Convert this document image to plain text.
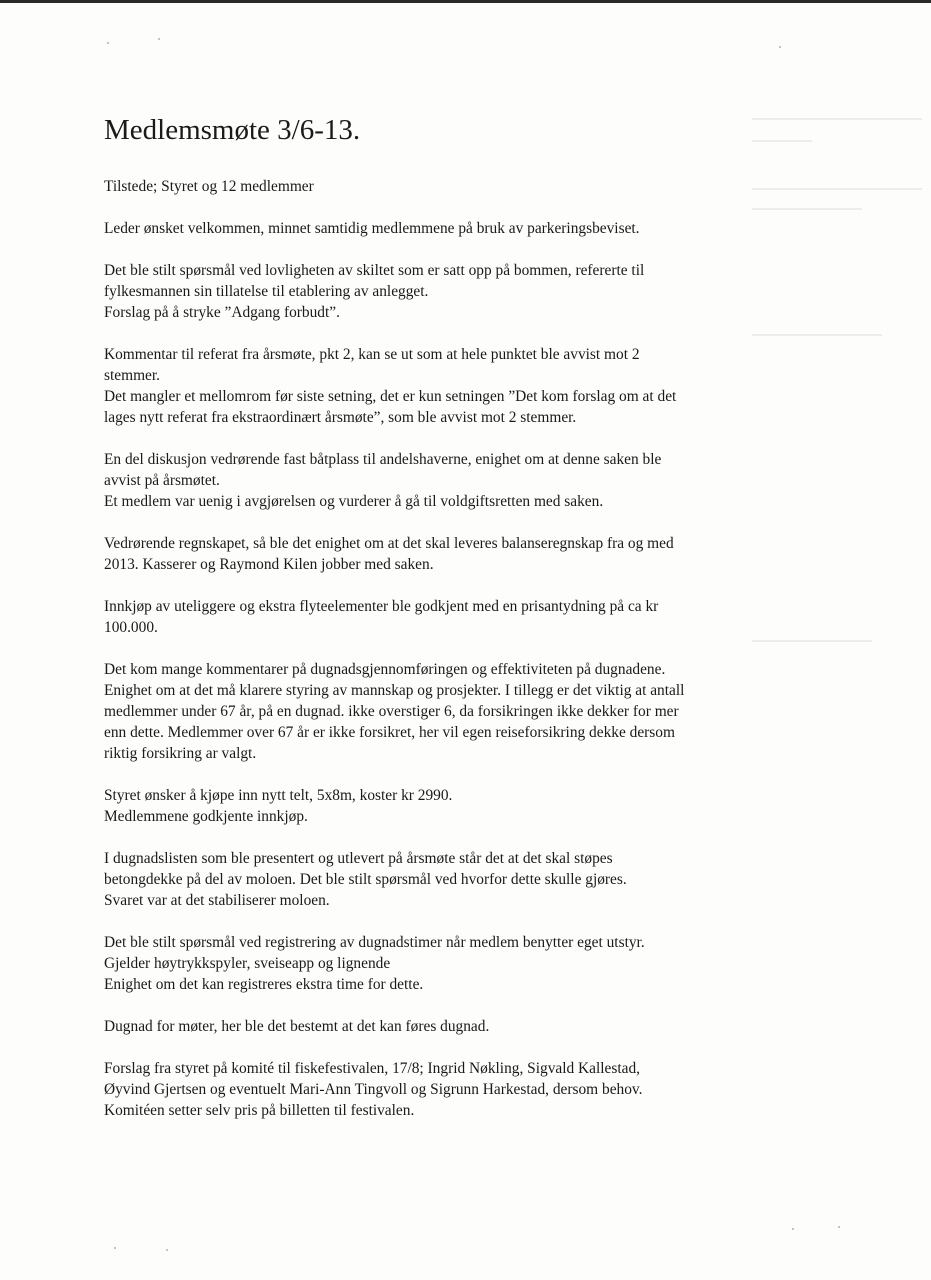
Medlemsmøte 3/6-13.

Tilstede; Styret og 12 medlemmer

Leder ønsket velkommen, minnet samtidig medlemmene på bruk av parkeringsbeviset.

Det ble stilt spørsmål ved lovligheten av skiltet som er satt opp på bommen, refererte til
fylkesmannen sin tillatelse til etablering av anlegget.
Forslag på å stryke ”Adgang forbudt”.

Kommentar til referat fra årsmøte, pkt 2, kan se ut som at hele punktet ble avvist mot 2
stemmer.
Det mangler et mellomrom før siste setning, det er kun setningen ”Det kom forslag om at det
lages nytt referat fra ekstraordinært årsmøte”, som ble avvist mot 2 stemmer.

En del diskusjon vedrørende fast båtplass til andelshaverne, enighet om at denne saken ble
avvist på årsmøtet.
Et medlem var uenig i avgjørelsen og vurderer å gå til voldgiftsretten med saken.

Vedrørende regnskapet, så ble det enighet om at det skal leveres balanseregnskap fra og med
2013. Kasserer og Raymond Kilen jobber med saken.

Innkjøp av uteliggere og ekstra flyteelementer ble godkjent med en prisantydning på ca kr
100.000.

Det kom mange kommentarer på dugnadsgjennomføringen og effektiviteten på dugnadene.
Enighet om at det må klarere styring av mannskap og prosjekter. I tillegg er det viktig at antall
medlemmer under 67 år, på en dugnad. ikke overstiger 6, da forsikringen ikke dekker for mer
enn dette. Medlemmer over 67 år er ikke forsikret, her vil egen reiseforsikring dekke dersom
riktig forsikring ar valgt.

Styret ønsker å kjøpe inn nytt telt, 5x8m, koster kr 2990.
Medlemmene godkjente innkjøp.

I dugnadslisten som ble presentert og utlevert på årsmøte står det at det skal støpes
betongdekke på del av moloen. Det ble stilt spørsmål ved hvorfor dette skulle gjøres.
Svaret var at det stabiliserer moloen.

Det ble stilt spørsmål ved registrering av dugnadstimer når medlem benytter eget utstyr.
Gjelder høytrykkspyler, sveiseapp og lignende
Enighet om det kan registreres ekstra time for dette.

Dugnad for møter, her ble det bestemt at det kan føres dugnad.

Forslag fra styret på komité til fiskefestivalen, 17/8; Ingrid Nøkling, Sigvald Kallestad,
Øyvind Gjertsen og eventuelt Mari-Ann Tingvoll og Sigrunn Harkestad, dersom behov.
Komitéen setter selv pris på billetten til festivalen.
